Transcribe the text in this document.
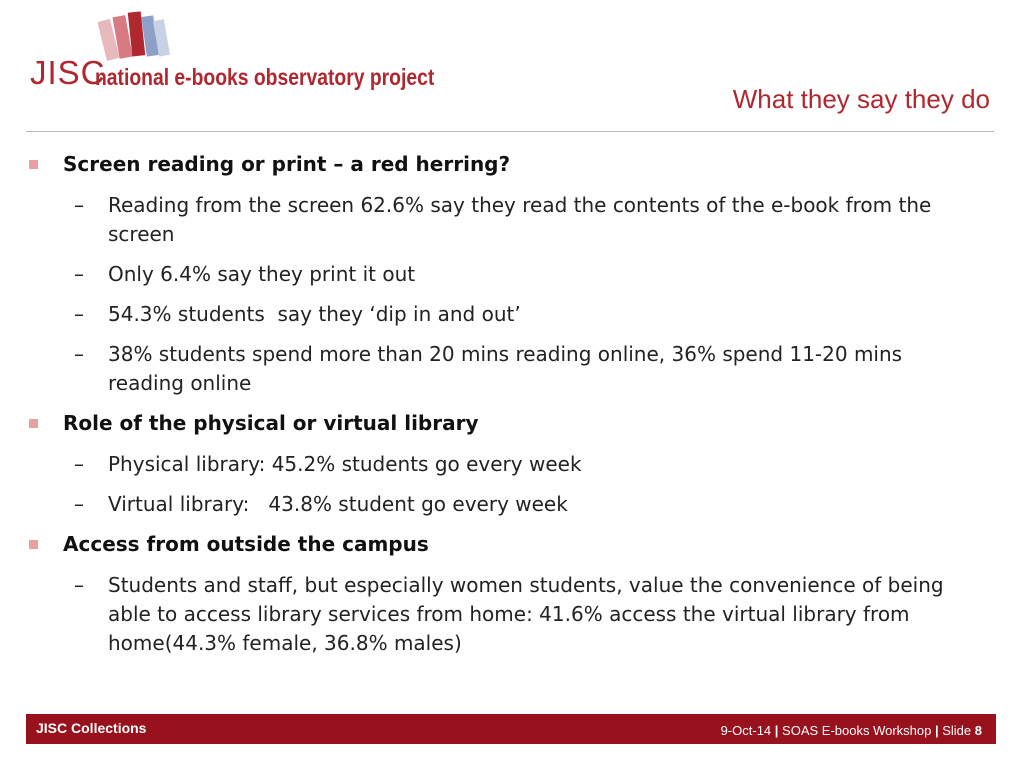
JISC
national e-books observatory project
What they say they do
Screen reading or print – a red herring?
– Reading from the screen 62.6% say they read the contents of the e-book from the screen
– Only 6.4% say they print it out
– 54.3% students  say they ‘dip in and out’
– 38% students spend more than 20 mins reading online, 36% spend 11-20 mins reading online
Role of the physical or virtual library
– Physical library: 45.2% students go every week
– Virtual library:   43.8% student go every week
Access from outside the campus
– Students and staff, but especially women students, value the convenience of being able to access library services from home: 41.6% access the virtual library from home(44.3% female, 36.8% males)
JISC Collections	9-Oct-14 | SOAS E-books Workshop | Slide 8
